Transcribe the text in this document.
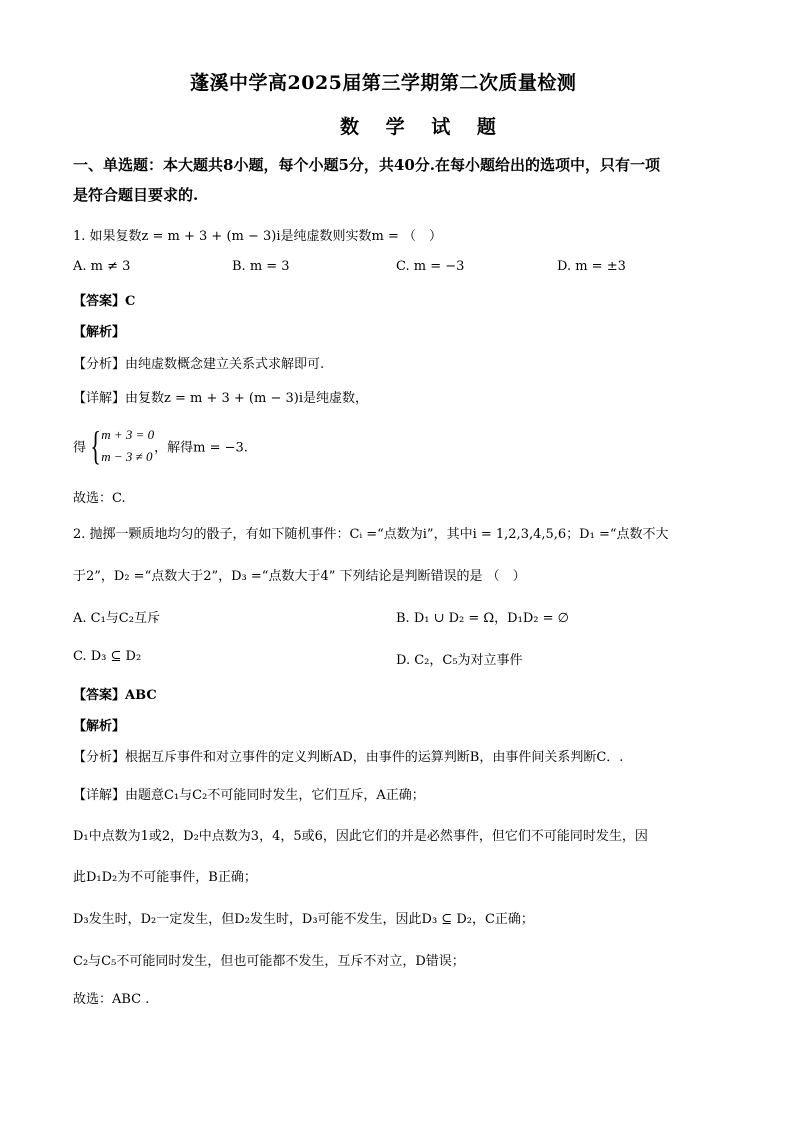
蓬溪中学高2025届第三学期第二次质量检测
数 学 试 题
一、单选题：本大题共8小题，每个小题5分，共40分.在每小题给出的选项中，只有一项
是符合题目要求的.
1. 如果复数z = m + 3 + (m − 3)i是纯虚数则实数m = （　）
A. m ≠ 3	B. m = 3	C. m = −3	D. m = ±3
【答案】C
【解析】
【分析】由纯虚数概念建立关系式求解即可.
【详解】由复数z = m + 3 + (m − 3)i是纯虚数，
得 {m + 3 = 0
m − 3 ≠ 0，解得m = −3.
故选：C.
2. 抛掷一颗质地均匀的骰子，有如下随机事件：Cᵢ =“点数为i”，其中i = 1,2,3,4,5,6；D₁ =“点数不大
于2”，D₂ =“点数大于2”，D₃ =“点数大于4” 下列结论是判断错误的是 （　）
A. C₁与C₂互斥	B. D₁ ∪ D₂ = Ω，D₁D₂ = ∅
C. D₃ ⊆ D₂	D. C₂，C₅为对立事件
【答案】ABC
【解析】
【分析】根据互斥事件和对立事件的定义判断AD，由事件的运算判断B，由事件间关系判断C．.
【详解】由题意C₁与C₂不可能同时发生，它们互斥，A正确；
D₁中点数为1或2，D₂中点数为3，4，5或6，因此它们的并是必然事件，但它们不可能同时发生，因
此D₁D₂为不可能事件，B正确；
D₃发生时，D₂一定发生，但D₂发生时，D₃可能不发生，因此D₃ ⊆ D₂，C正确；
C₂与C₅不可能同时发生，但也可能都不发生，互斥不对立，D错误；
故选：ABC .
